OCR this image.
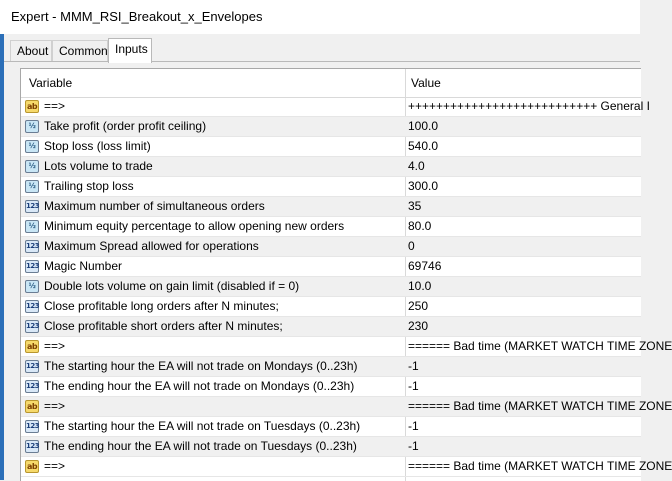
Expert - MMM_RSI_Breakout_x_Envelopes
About Common Inputs
Variable	Value
ab ==>	+++++++++++++++++++++++++++ General I
½ Take profit (order profit ceiling)	100.0
½ Stop loss (loss limit)	540.0
½ Lots volume to trade	4.0
½ Trailing stop loss	300.0
123 Maximum number of simultaneous orders	35
½ Minimum equity percentage to allow opening new orders	80.0
123 Maximum Spread allowed for operations	0
123 Magic Number	69746
½ Double lots volume on gain limit (disabled if = 0)	10.0
123 Close profitable long orders after N minutes;	250
123 Close profitable short orders after N minutes;	230
ab ==>	====== Bad time (MARKET WATCH TIME ZONE
123 The starting hour the EA will not trade on Mondays (0..23h)	-1
123 The ending hour the EA will not trade on Mondays (0..23h)	-1
ab ==>	====== Bad time (MARKET WATCH TIME ZONE
123 The starting hour the EA will not trade on Tuesdays (0..23h)	-1
123 The ending hour the EA will not trade on Tuesdays (0..23h)	-1
ab ==>	====== Bad time (MARKET WATCH TIME ZONE
